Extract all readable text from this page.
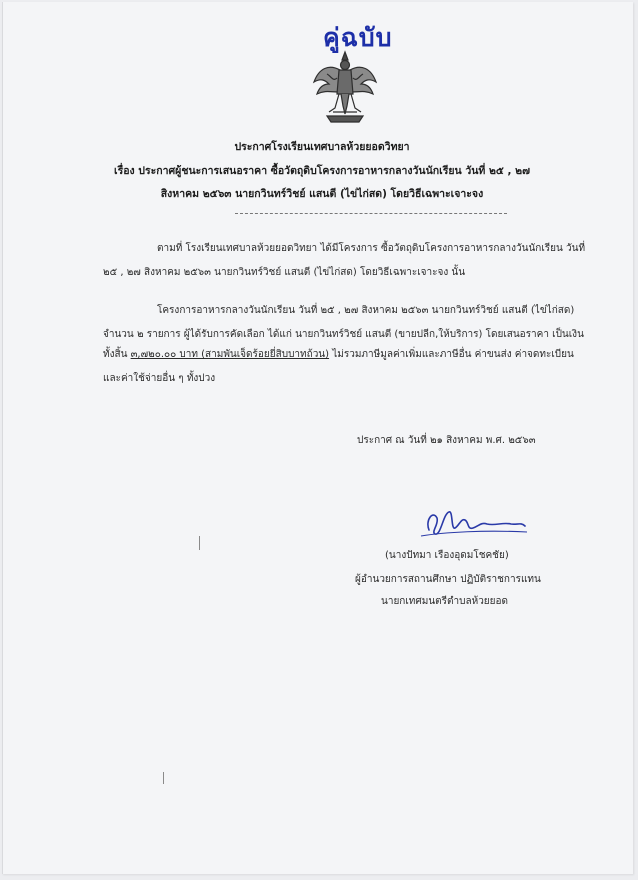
คู่ฉบับ
ประกาศโรงเรียนเทศบาลห้วยยอดวิทยา
เรื่อง ประกาศผู้ชนะการเสนอราคา ซื้อวัตถุดิบโครงการอาหารกลางวันนักเรียน วันที่ ๒๕ , ๒๗
สิงหาคม ๒๕๖๓ นายกวินทร์วิชย์ แสนตี (ไข่ไก่สด) โดยวิธีเฉพาะเจาะจง
ตามที่ โรงเรียนเทศบาลห้วยยอดวิทยา ได้มีโครงการ ซื้อวัตถุดิบโครงการอาหารกลางวันนักเรียน วันที่
๒๕ , ๒๗ สิงหาคม ๒๕๖๓ นายกวินทร์วิชย์ แสนตี (ไข่ไก่สด) โดยวิธีเฉพาะเจาะจง นั้น
โครงการอาหารกลางวันนักเรียน วันที่ ๒๕ , ๒๗ สิงหาคม ๒๕๖๓ นายกวินทร์วิชย์ แสนตี (ไข่ไก่สด)
จำนวน ๒ รายการ ผู้ได้รับการคัดเลือก ได้แก่ นายกวินทร์วิชย์ แสนตี (ขายปลีก,ให้บริการ) โดยเสนอราคา เป็นเงิน
ทั้งสิ้น ๓,๗๒๐.๐๐ บาท (สามพันเจ็ดร้อยยี่สิบบาทถ้วน) ไม่รวมภาษีมูลค่าเพิ่มและภาษีอื่น ค่าขนส่ง ค่าจดทะเบียน
และค่าใช้จ่ายอื่น ๆ ทั้งปวง
ประกาศ ณ วันที่ ๒๑ สิงหาคม พ.ศ. ๒๕๖๓
(นางปัทมา เรืองอุดมโชคชัย)
ผู้อำนวยการสถานศึกษา ปฏิบัติราชการแทน
นายกเทศมนตรีตำบลห้วยยอด
